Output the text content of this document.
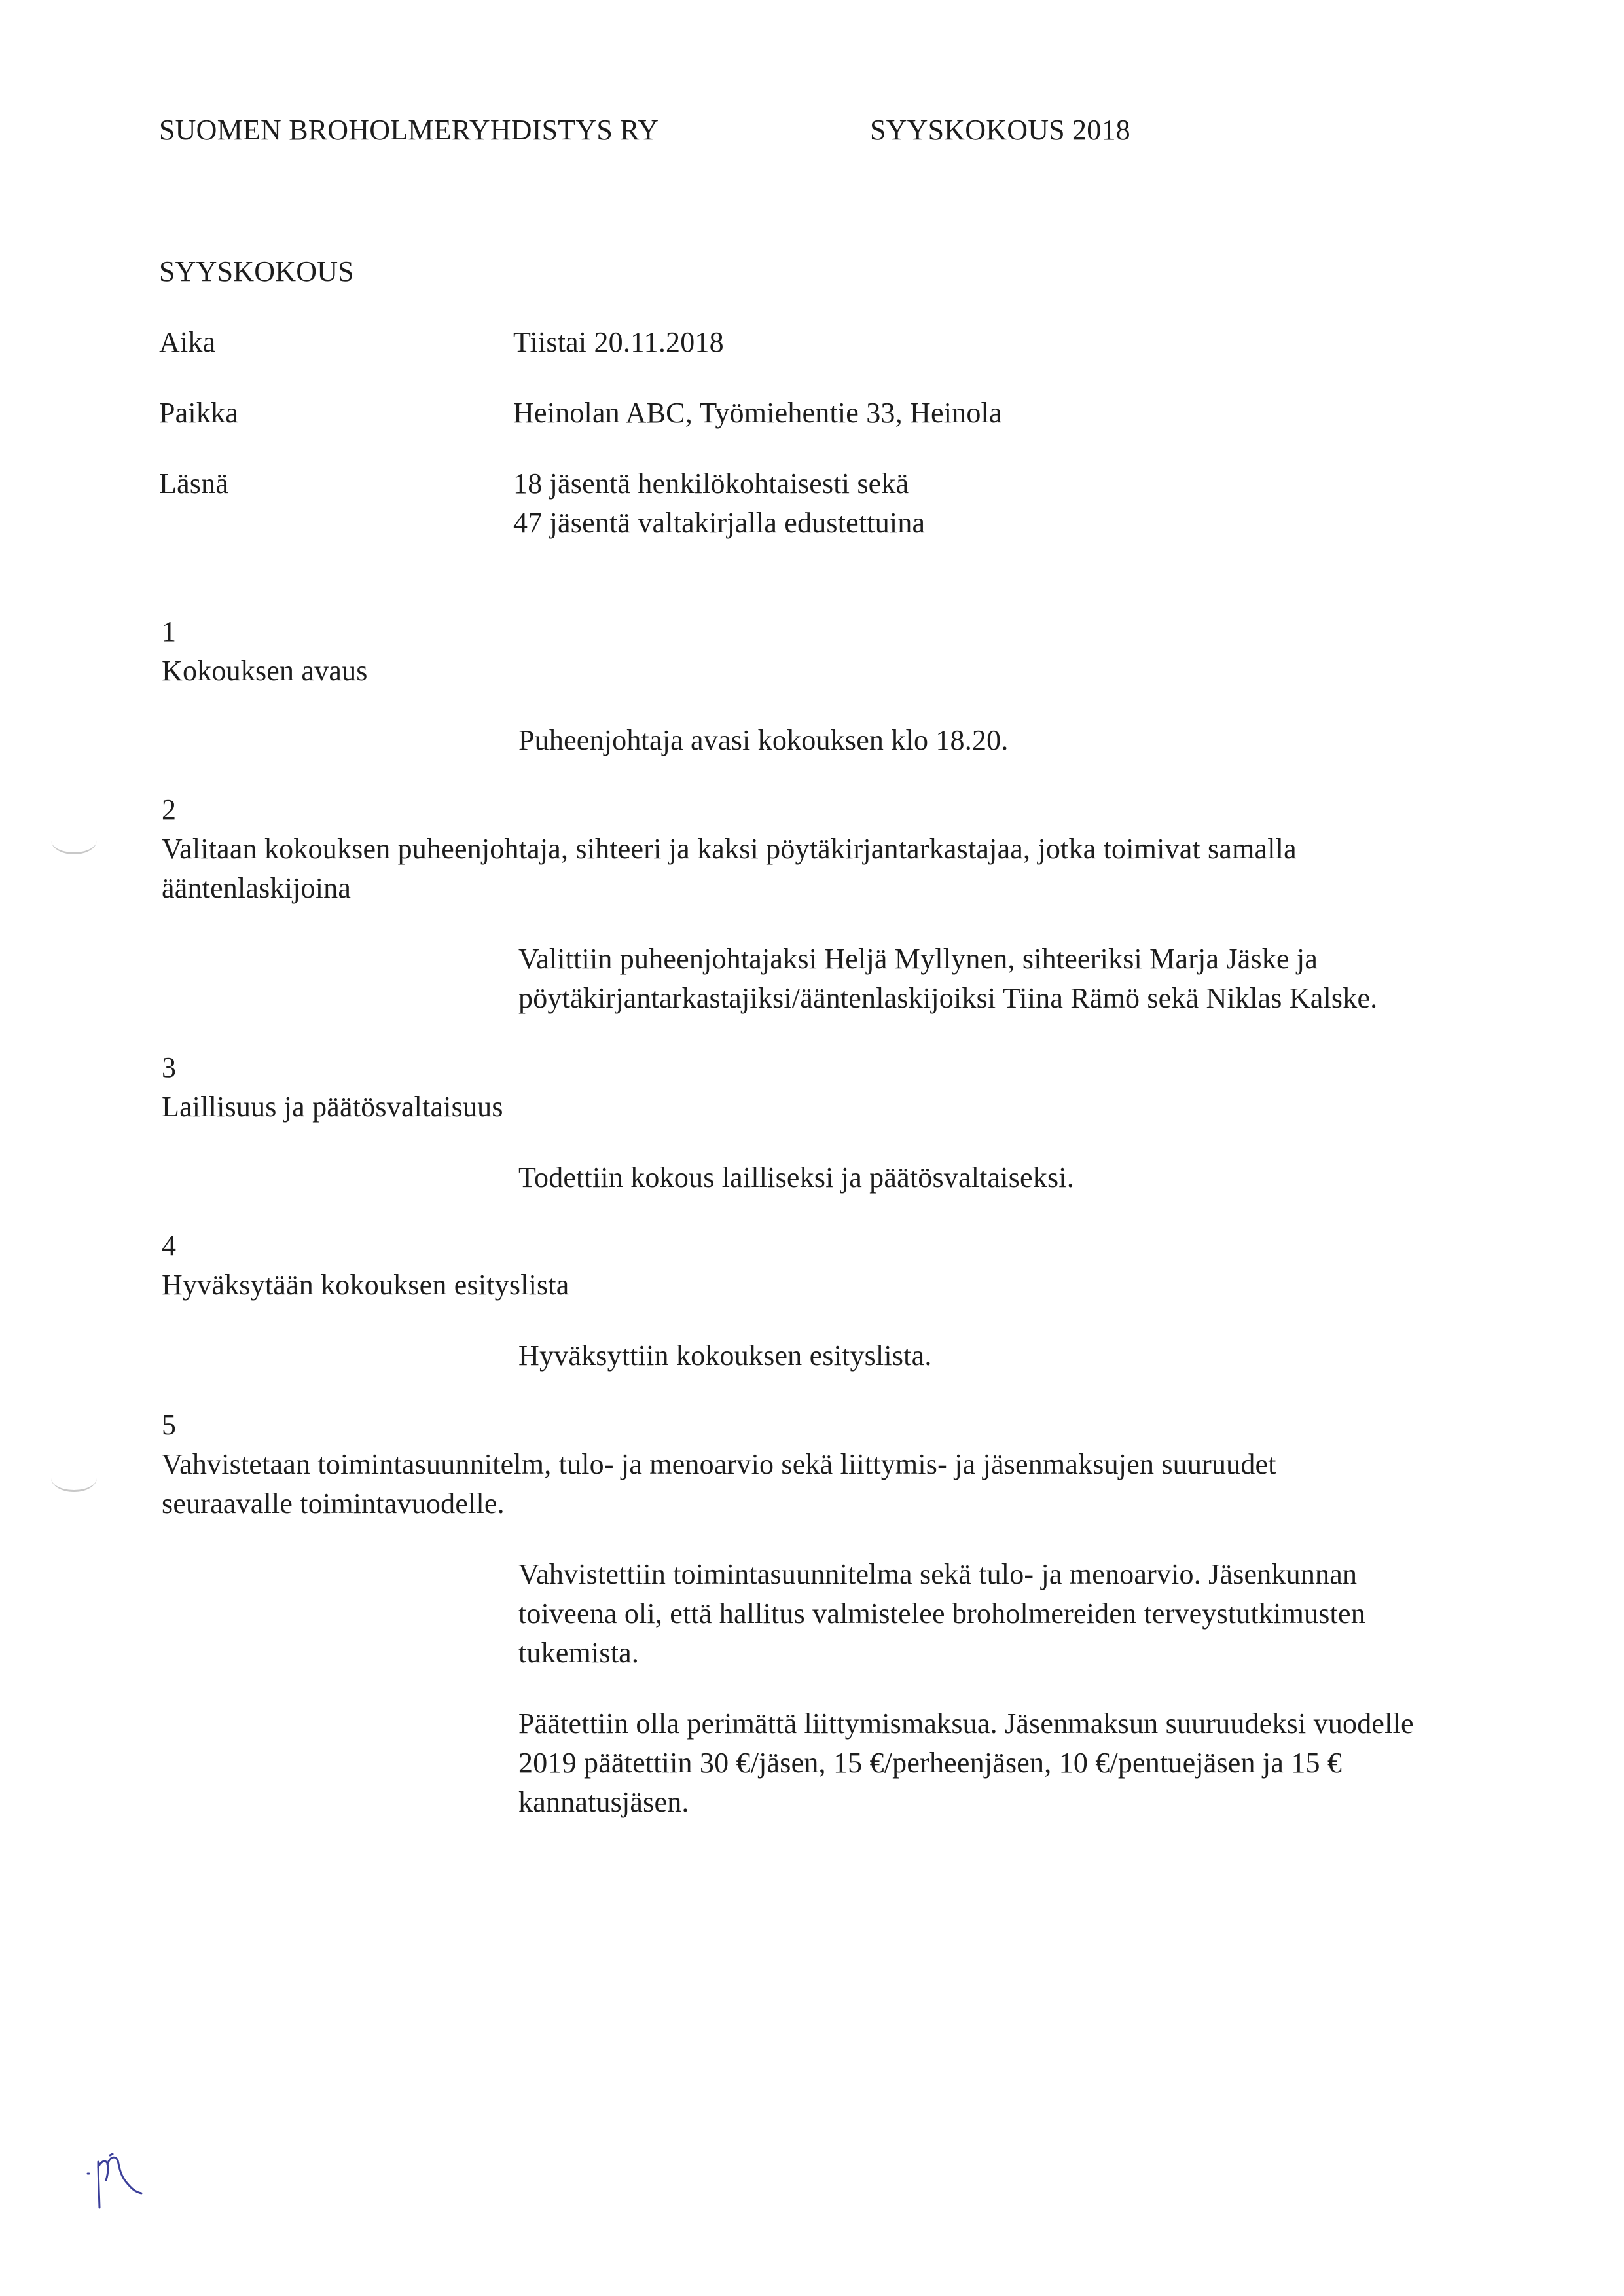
SUOMEN BROHOLMERYHDISTYS RY	SYYSKOKOUS 2018
SYYSKOKOUS
Aika	Tiistai 20.11.2018
Paikka	Heinolan ABC, Työmiehentie 33, Heinola
Läsnä	18 jäsentä henkilökohtaisesti sekä
47 jäsentä valtakirjalla edustettuina
1
Kokouksen avaus
Puheenjohtaja avasi kokouksen klo 18.20.
2
Valitaan kokouksen puheenjohtaja, sihteeri ja kaksi pöytäkirjantarkastajaa, jotka toimivat samalla
ääntenlaskijoina
Valittiin puheenjohtajaksi Heljä Myllynen, sihteeriksi Marja Jäske ja
pöytäkirjantarkastajiksi/ääntenlaskijoiksi Tiina Rämö sekä Niklas Kalske.
3
Laillisuus ja päätösvaltaisuus
Todettiin kokous lailliseksi ja päätösvaltaiseksi.
4
Hyväksytään kokouksen esityslista
Hyväksyttiin kokouksen esityslista.
5
Vahvistetaan toimintasuunnitelm, tulo- ja menoarvio sekä liittymis- ja jäsenmaksujen suuruudet
seuraavalle toimintavuodelle.
Vahvistettiin toimintasuunnitelma sekä tulo- ja menoarvio. Jäsenkunnan
toiveena oli, että hallitus valmistelee broholmereiden terveystutkimusten
tukemista.
Päätettiin olla perimättä liittymismaksua. Jäsenmaksun suuruudeksi vuodelle
2019 päätettiin 30 €/jäsen, 15 €/perheenjäsen, 10 €/pentuejäsen ja 15 €
kannatusjäsen.
